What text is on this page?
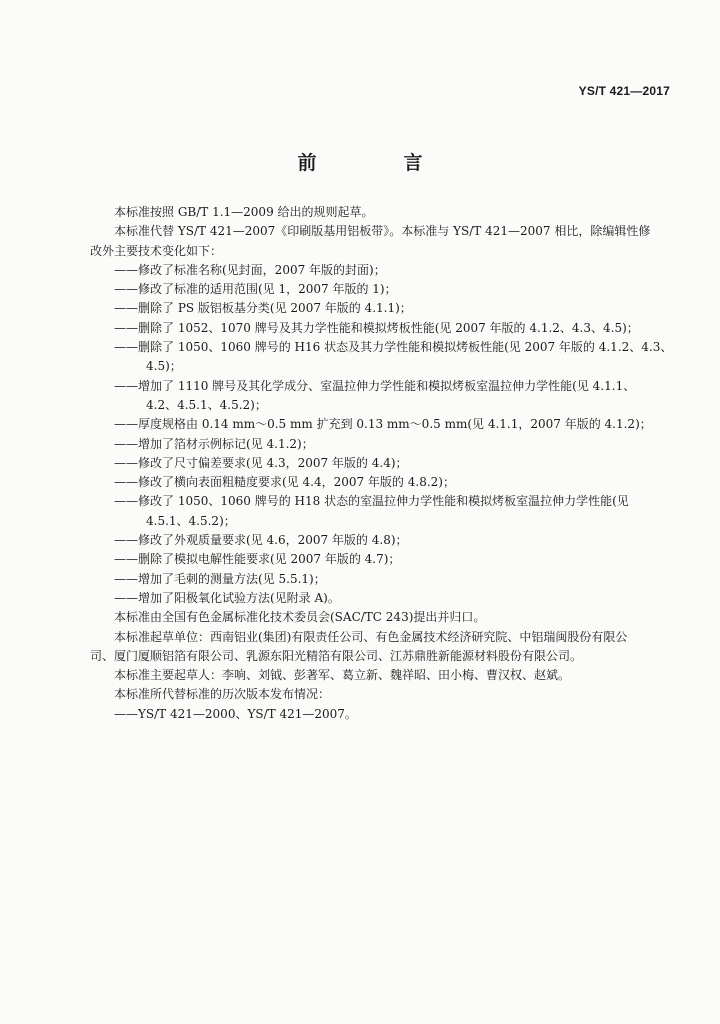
YS/T 421—2017
前　言

本标准按照 GB/T 1.1—2009 给出的规则起草。

本标准代替 YS/T 421—2007《印刷版基用铝板带》。本标准与 YS/T 421—2007 相比，除编辑性修

改外主要技术变化如下：

——修改了标准名称(见封面，2007 年版的封面)；

——修改了标准的适用范围(见 1，2007 年版的 1)；

——删除了 PS 版铝板基分类(见 2007 年版的 4.1.1)；

——删除了 1052、1070 牌号及其力学性能和模拟烤板性能(见 2007 年版的 4.1.2、4.3、4.5)；

——删除了 1050、1060 牌号的 H16 状态及其力学性能和模拟烤板性能(见 2007 年版的 4.1.2、4.3、

4.5)；

——增加了 1110 牌号及其化学成分、室温拉伸力学性能和模拟烤板室温拉伸力学性能(见 4.1.1、

4.2、4.5.1、4.5.2)；

——厚度规格由 0.14 mm～0.5 mm 扩充到 0.13 mm～0.5 mm(见 4.1.1，2007 年版的 4.1.2)；

——增加了箔材示例标记(见 4.1.2)；

——修改了尺寸偏差要求(见 4.3，2007 年版的 4.4)；

——修改了横向表面粗糙度要求(见 4.4，2007 年版的 4.8.2)；

——修改了 1050、1060 牌号的 H18 状态的室温拉伸力学性能和模拟烤板室温拉伸力学性能(见

4.5.1、4.5.2)；

——修改了外观质量要求(见 4.6，2007 年版的 4.8)；

——删除了模拟电解性能要求(见 2007 年版的 4.7)；

——增加了毛刺的测量方法(见 5.5.1)；

——增加了阳极氧化试验方法(见附录 A)。

本标准由全国有色金属标准化技术委员会(SAC/TC 243)提出并归口。

本标准起草单位：西南铝业(集团)有限责任公司、有色金属技术经济研究院、中铝瑞闽股份有限公

司、厦门厦顺铝箔有限公司、乳源东阳光精箔有限公司、江苏鼎胜新能源材料股份有限公司。

本标准主要起草人：李响、刘钺、彭著军、葛立新、魏祥昭、田小梅、曹汉权、赵斌。

本标准所代替标准的历次版本发布情况：

——YS/T 421—2000、YS/T 421—2007。
